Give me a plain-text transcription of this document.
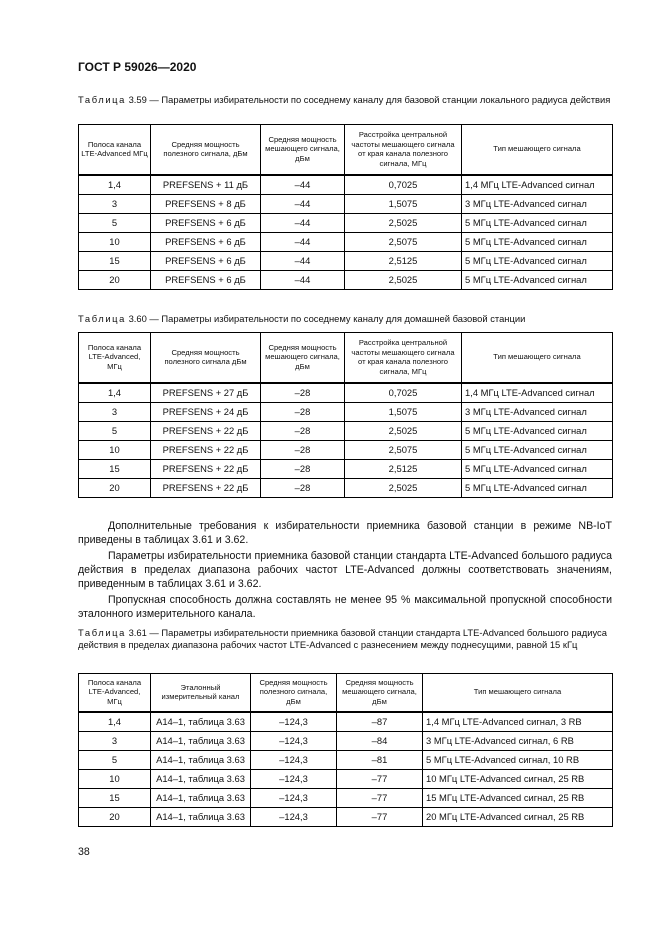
ГОСТ Р 59026—2020
Таблица 3.59 — Параметры избирательности по соседнему каналу для базовой станции локального радиуса действия
Полоса канала LTE-Advanced МГц	Средняя мощность полезного сигнала, дБм	Средняя мощность мешающего сигнала, дБм	Расстройка центральной частоты мешающего сигнала от края канала полезного сигнала, МГц	Тип мешающего сигнала
1,4	PREFSENS + 11 дБ	–44	0,7025	1,4 МГц LTE-Advanced сигнал
3	PREFSENS + 8 дБ	–44	1,5075	3 МГц LTE-Advanced сигнал
5	PREFSENS + 6 дБ	–44	2,5025	5 МГц LTE-Advanced сигнал
10	PREFSENS + 6 дБ	–44	2,5075	5 МГц LTE-Advanced сигнал
15	PREFSENS + 6 дБ	–44	2,5125	5 МГц LTE-Advanced сигнал
20	PREFSENS + 6 дБ	–44	2,5025	5 МГц LTE-Advanced сигнал
Таблица 3.60 — Параметры избирательности по соседнему каналу для домашней базовой станции
Полоса канала LTE-Advanced, МГц	Средняя мощность полезного сигнала дБм	Средняя мощность мешающего сигнала, дБм	Расстройка центральной частоты мешающего сигнала от края канала полезного сигнала, МГц	Тип мешающего сигнала
1,4	PREFSENS + 27 дБ	–28	0,7025	1,4 МГц LTE-Advanced сигнал
3	PREFSENS + 24 дБ	–28	1,5075	3 МГц LTE-Advanced сигнал
5	PREFSENS + 22 дБ	–28	2,5025	5 МГц LTE-Advanced сигнал
10	PREFSENS + 22 дБ	–28	2,5075	5 МГц LTE-Advanced сигнал
15	PREFSENS + 22 дБ	–28	2,5125	5 МГц LTE-Advanced сигнал
20	PREFSENS + 22 дБ	–28	2,5025	5 МГц LTE-Advanced сигнал

Дополнительные требования к избирательности приемника базовой станции в режиме NB-IoT приведены в таблицах 3.61 и 3.62.

Параметры избирательности приемника базовой станции стандарта LTE-Advanced большого радиуса действия в пределах диапазона рабочих частот LTE-Advanced должны соответствовать значениям, приведенным в таблицах 3.61 и 3.62.

Пропускная способность должна составлять не менее 95 % максимальной пропускной способности эталонного измерительного канала.

Таблица 3.61 — Параметры избирательности приемника базовой станции стандарта LTE-Advanced большого радиуса действия в пределах диапазона рабочих частот LTE-Advanced с разнесением между поднесущими, равной 15 кГц
Полоса канала LTE-Advanced, МГц	Эталонный измерительный канал	Средняя мощность полезного сигнала, дБм	Средняя мощность мешающего сигнала, дБм	Тип мешающего сигнала
1,4	A14–1, таблица 3.63	–124,3	–87	1,4 МГц LTE-Advanced сигнал, 3 RB
3	A14–1, таблица 3.63	–124,3	–84	3 МГц LTE-Advanced сигнал, 6 RB
5	A14–1, таблица 3.63	–124,3	–81	5 МГц LTE-Advanced сигнал, 10 RB
10	A14–1, таблица 3.63	–124,3	–77	10 МГц LTE-Advanced сигнал, 25 RB
15	A14–1, таблица 3.63	–124,3	–77	15 МГц LTE-Advanced сигнал, 25 RB
20	A14–1, таблица 3.63	–124,3	–77	20 МГц LTE-Advanced сигнал, 25 RB
38
